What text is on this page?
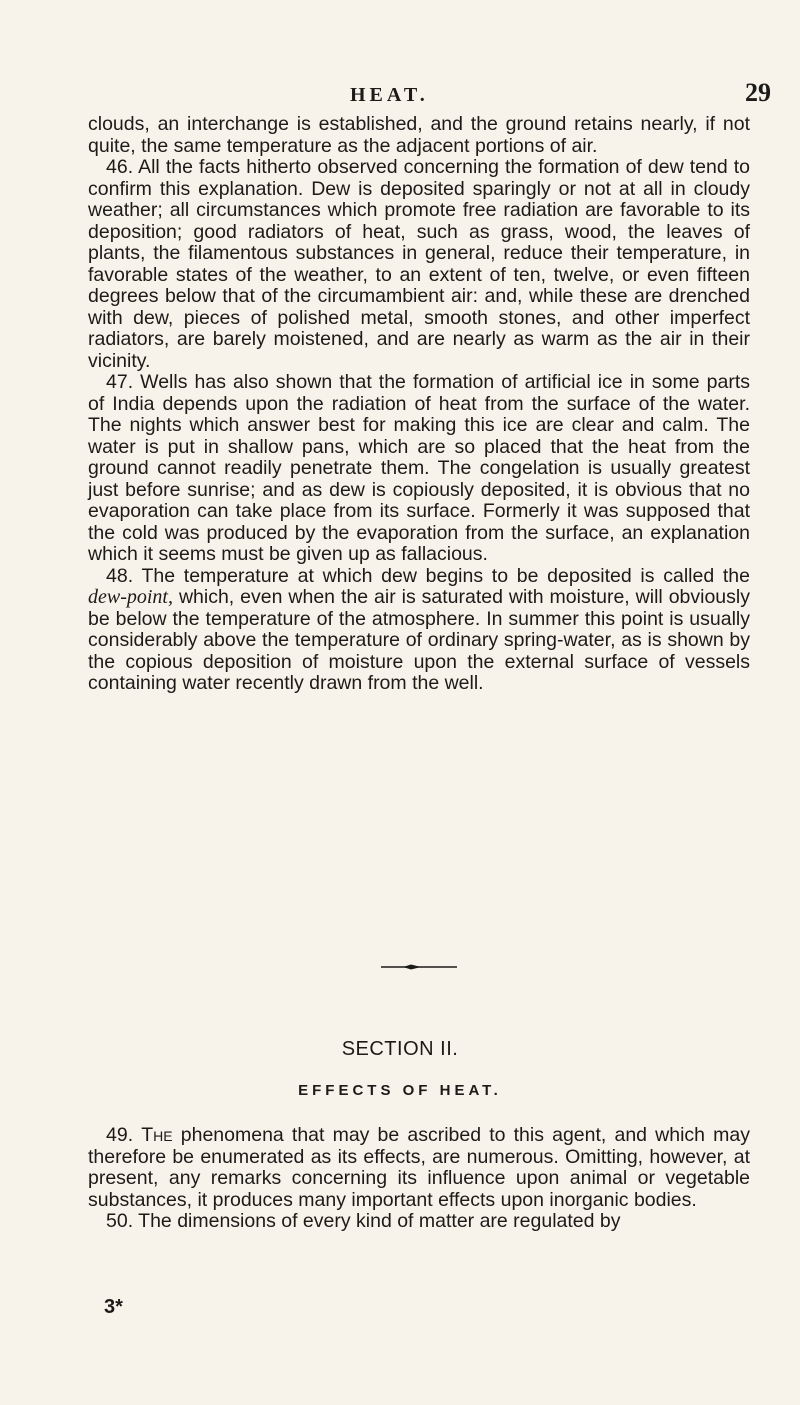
HEAT.	29

clouds, an interchange is established, and the ground retains nearly, if not quite, the same temperature as the adjacent portions of air.

46. All the facts hitherto observed concerning the formation of dew tend to confirm this explanation. Dew is deposited sparingly or not at all in cloudy weather; all circumstances which promote free radiation are favorable to its deposition; good radiators of heat, such as grass, wood, the leaves of plants, the filamentous substances in general, reduce their temperature, in favorable states of the weather, to an extent of ten, twelve, or even fifteen degrees below that of the circumambient air: and, while these are drenched with dew, pieces of polished metal, smooth stones, and other imperfect radiators, are barely moistened, and are nearly as warm as the air in their vicinity.

47. Wells has also shown that the formation of artificial ice in some parts of India depends upon the radiation of heat from the surface of the water. The nights which answer best for making this ice are clear and calm. The water is put in shallow pans, which are so placed that the heat from the ground cannot readily penetrate them. The congelation is usually greatest just before sunrise; and as dew is copiously deposited, it is obvious that no evaporation can take place from its surface. Formerly it was supposed that the cold was produced by the evaporation from the surface, an explanation which it seems must be given up as fallacious.

48. The temperature at which dew begins to be deposited is called the dew-point, which, even when the air is saturated with moisture, will obviously be below the temperature of the atmosphere. In summer this point is usually considerably above the temperature of ordinary spring-water, as is shown by the copious deposition of moisture upon the external surface of vessels containing water recently drawn from the well.

SECTION II.
EFFECTS OF HEAT.

49. The phenomena that may be ascribed to this agent, and which may therefore be enumerated as its effects, are numerous. Omitting, however, at present, any remarks concerning its influence upon animal or vegetable substances, it produces many important effects upon inorganic bodies.

50. The dimensions of every kind of matter are regulated by

3*
